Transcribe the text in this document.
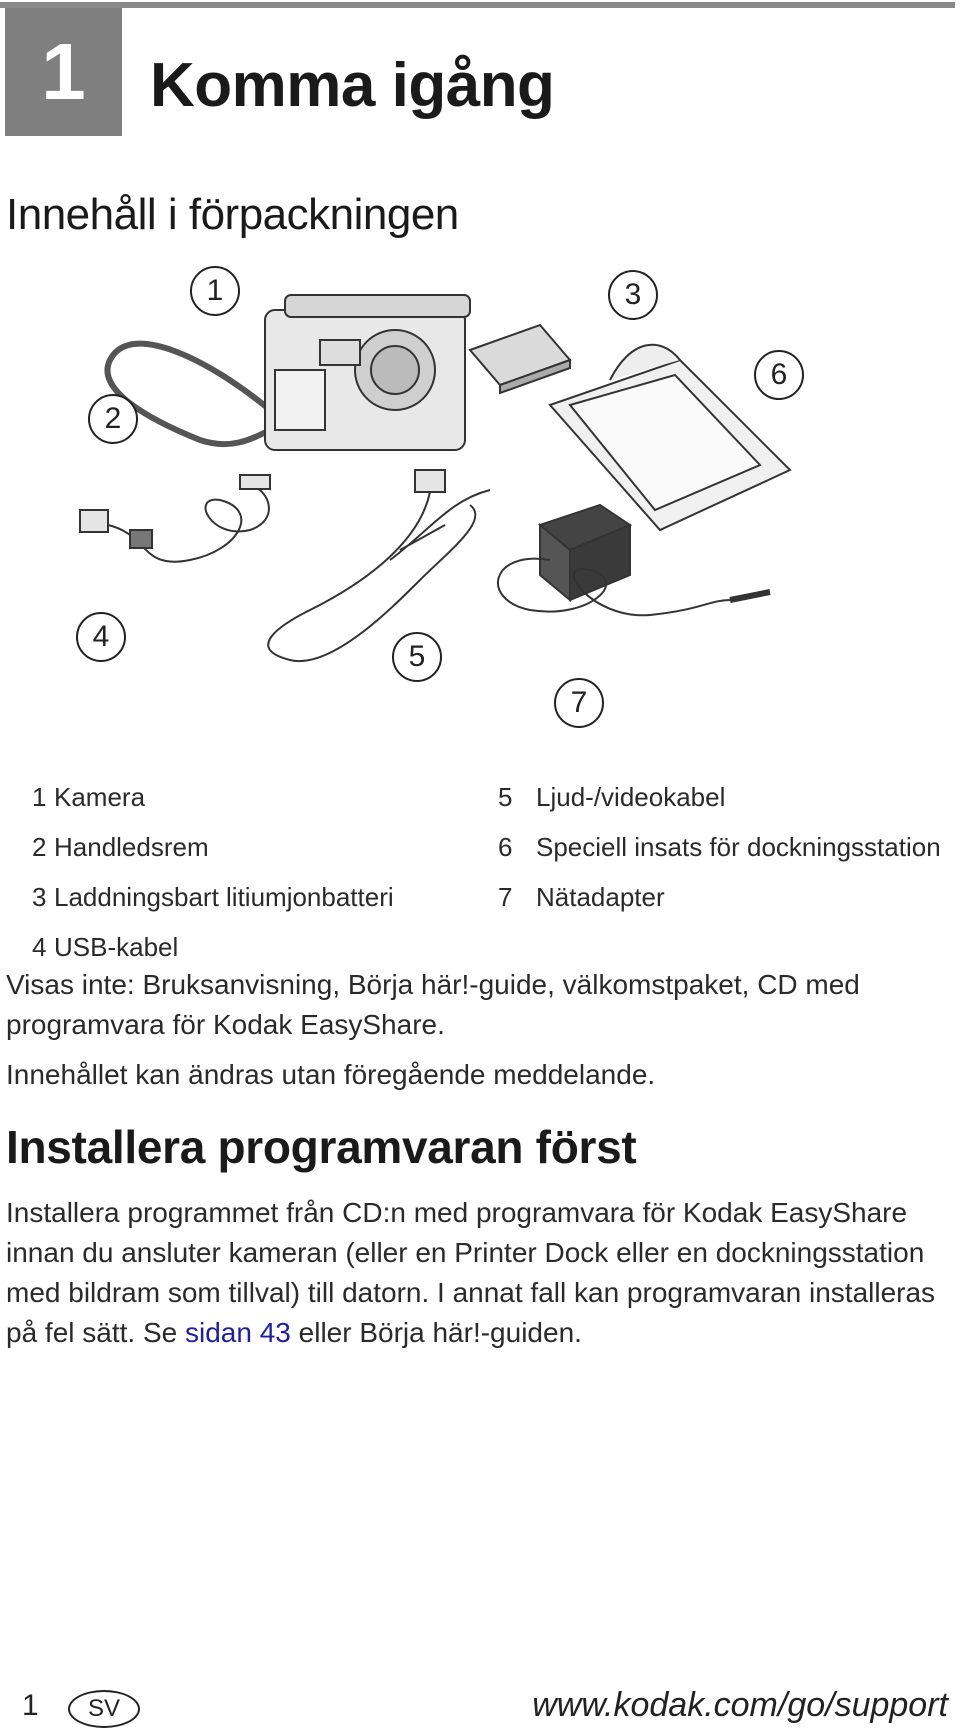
1 Komma igång
Innehåll i förpackningen
1
2
3
4
5
6
7
1 Kamera
2 Handledsrem
3 Laddningsbart litiumjonbatteri
4 USB-kabel
5 Ljud-/videokabel
6 Speciell insats för dockningsstation
7 Nätadapter

Visas inte: Bruksanvisning, Börja här!-guide, välkomstpaket, CD med programvara för Kodak EasyShare.

Innehållet kan ändras utan föregående meddelande.

Installera programvaran först

Installera programmet från CD:n med programvara för Kodak EasyShare innan du ansluter kameran (eller en Printer Dock eller en dockningsstation med bildram som tillval) till datorn. I annat fall kan programvaran installeras på fel sätt. Se sidan 43 eller Börja här!-guiden.

1	SV	www.kodak.com/go/support
